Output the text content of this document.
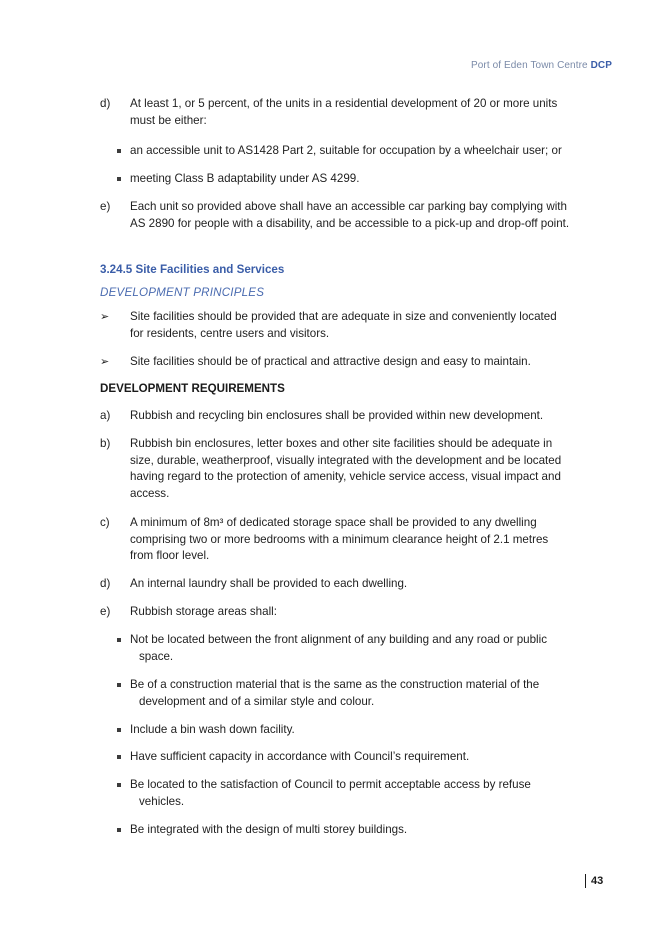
Port of Eden Town Centre DCP
d) At least 1, or 5 percent, of the units in a residential development of 20 or more units must be either:
an accessible unit to AS1428 Part 2, suitable for occupation by a wheelchair user; or
meeting Class B adaptability under AS 4299.
e) Each unit so provided above shall have an accessible car parking bay complying with AS 2890 for people with a disability, and be accessible to a pick-up and drop-off point.
3.24.5 Site Facilities and Services
DEVELOPMENT PRINCIPLES
➢ Site facilities should be provided that are adequate in size and conveniently located for residents, centre users and visitors.
➢ Site facilities should be of practical and attractive design and easy to maintain.
DEVELOPMENT REQUIREMENTS
a) Rubbish and recycling bin enclosures shall be provided within new development.
b) Rubbish bin enclosures, letter boxes and other site facilities should be adequate in size, durable, weatherproof, visually integrated with the development and be located having regard to the protection of amenity, vehicle service access, visual impact and access.
c) A minimum of 8m³ of dedicated storage space shall be provided to any dwelling comprising two or more bedrooms with a minimum clearance height of 2.1 metres from floor level.
d) An internal laundry shall be provided to each dwelling.
e) Rubbish storage areas shall:
Not be located between the front alignment of any building and any road or public space.
Be of a construction material that is the same as the construction material of the development and of a similar style and colour.
Include a bin wash down facility.
Have sufficient capacity in accordance with Council’s requirement.
Be located to the satisfaction of Council to permit acceptable access by refuse vehicles.
Be integrated with the design of multi storey buildings.
43
